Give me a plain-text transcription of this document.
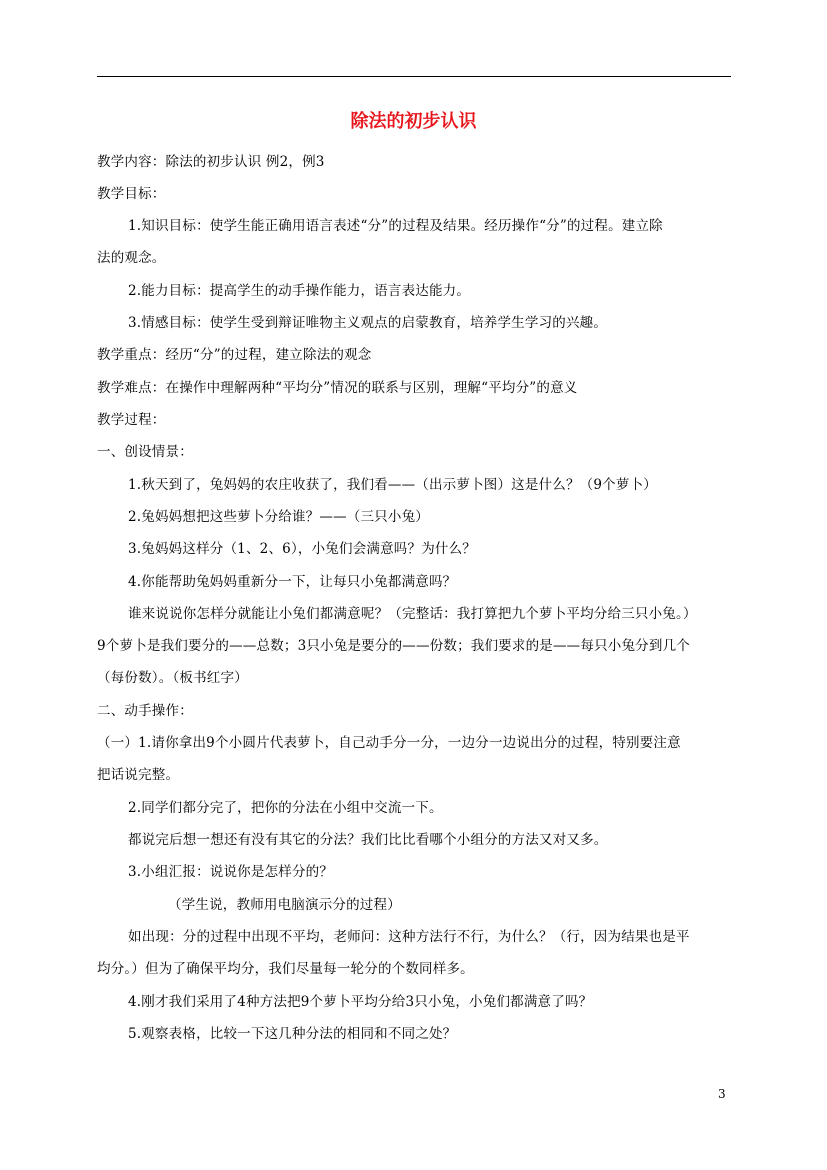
除法的初步认识
教学内容：除法的初步认识 例2，例3
教学目标：
1.知识目标：使学生能正确用语言表述“分”的过程及结果。经历操作“分”的过程。建立除
法的观念。
2.能力目标：提高学生的动手操作能力，语言表达能力。
3.情感目标：使学生受到辩证唯物主义观点的启蒙教育，培养学生学习的兴趣。
教学重点：经历“分”的过程，建立除法的观念
教学难点：在操作中理解两种“平均分”情况的联系与区别，理解“平均分”的意义
教学过程：
一、创设情景：
1.秋天到了，兔妈妈的农庄收获了，我们看——（出示萝卜图）这是什么？（9个萝卜）
2.兔妈妈想把这些萝卜分给谁？——（三只小兔）
3.兔妈妈这样分（1、2、6），小兔们会满意吗？为什么？
4.你能帮助兔妈妈重新分一下，让每只小兔都满意吗？
谁来说说你怎样分就能让小兔们都满意呢？（完整话：我打算把九个萝卜平均分给三只小兔。）
9个萝卜是我们要分的——总数；3只小兔是要分的——份数；我们要求的是——每只小兔分到几个
（每份数）。（板书红字）
二、动手操作：
（一）1.请你拿出9个小圆片代表萝卜，自己动手分一分，一边分一边说出分的过程，特别要注意
把话说完整。
2.同学们都分完了，把你的分法在小组中交流一下。
都说完后想一想还有没有其它的分法？我们比比看哪个小组分的方法又对又多。
3.小组汇报：说说你是怎样分的？
（学生说，教师用电脑演示分的过程）
如出现：分的过程中出现不平均，老师问：这种方法行不行，为什么？（行，因为结果也是平
均分。）但为了确保平均分，我们尽量每一轮分的个数同样多。
4.刚才我们采用了4种方法把9个萝卜平均分给3只小兔，小兔们都满意了吗？
5.观察表格，比较一下这几种分法的相同和不同之处？
3
